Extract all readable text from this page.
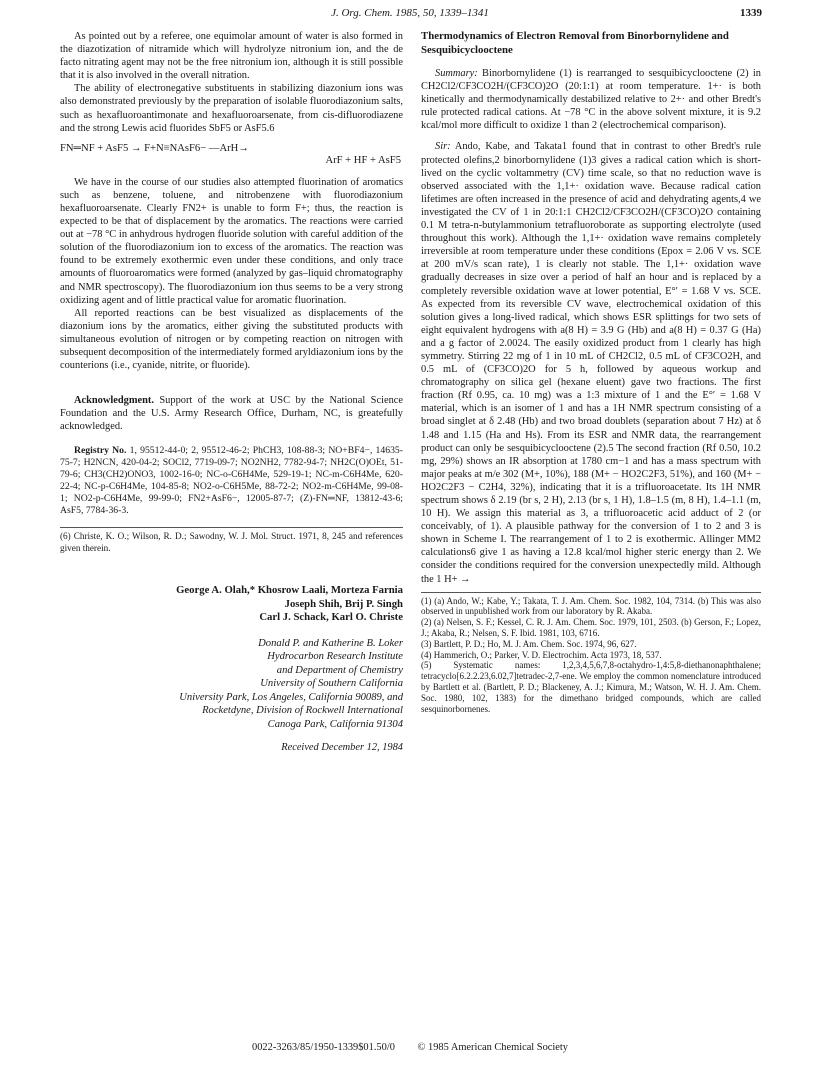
J. Org. Chem. 1985, 50, 1339–1341	1339

As pointed out by a referee, one equimolar amount of water is also formed in the diazotization of nitramide which will hydrolyze nitronium ion, and the de facto nitrating agent may not be the free nitronium ion, although it is still possible that it is also involved in the overall nitration.

The ability of electronegative substituents in stabilizing diazonium ions was also demonstrated previously by the preparation of isolable fluorodiazonium salts, such as hexafluoroantimonate and hexafluoroarsenate, from cis-difluorodiazene and the strong Lewis acid fluorides SbF5 or AsF5.6

FN═NF + AsF5 → F+N≡NAsF6− —ArH→
ArF + HF + AsF5

We have in the course of our studies also attempted fluorination of aromatics such as benzene, toluene, and nitrobenzene with fluorodiazonium hexafluoroarsenate. Clearly FN2+ is unable to form F+; thus, the reaction is expected to be that of displacement by the aromatics. The reactions were carried out at −78 °C in anhydrous hydrogen fluoride solution with careful addition of the solution of the fluorodiazonium ion to excess of the aromatics. The reaction was found to be extremely exothermic even under these conditions, and only trace amounts of fluoroaromatics were formed (analyzed by gas–liquid chromatography and NMR spectroscopy). The fluorodiazonium ion thus seems to be a very strong oxidizing agent and of little practical value for aromatic fluorination.

All reported reactions can be best visualized as displacements of the diazonium ions by the aromatics, either giving the substituted products with simultaneous evolution of nitrogen or by competing reaction on nitrogen with subsequent decomposition of the intermediately formed aryldiazonium ions by the counterions (i.e., cyanide, nitrite, or fluoride).

Acknowledgment. Support of the work at USC by the National Science Foundation and the U.S. Army Research Office, Durham, NC, is greatefully acknowledged.

Registry No. 1, 95512-44-0; 2, 95512-46-2; PhCH3, 108-88-3; NO+BF4−, 14635-75-7; H2NCN, 420-04-2; SOCl2, 7719-09-7; NO2NH2, 7782-94-7; NH2C(O)OEt, 51-79-6; CH3(CH2)ONO3, 1002-16-0; NC-o-C6H4Me, 529-19-1; NC-m-C6H4Me, 620-22-4; NC-p-C6H4Me, 104-85-8; NO2-o-C6H5Me, 88-72-2; NO2-m-C6H4Me, 99-08-1; NO2-p-C6H4Me, 99-99-0; FN2+AsF6−, 12005-87-7; (Z)-FN═NF, 13812-43-6; AsF5, 7784-36-3.

(6) Christe, K. O.; Wilson, R. D.; Sawodny, W. J. Mol. Struct. 1971, 8, 245 and references given therein.
George A. Olah,* Khosrow Laali, Morteza Farnia
Joseph Shih, Brij P. Singh
Carl J. Schack, Karl O. Christe
Donald P. and Katherine B. Loker
Hydrocarbon Research Institute
and Department of Chemistry
University of Southern California
University Park, Los Angeles, California 90089, and
Rocketdyne, Division of Rockwell International
Canoga Park, California 91304
Received December 12, 1984
Thermodynamics of Electron Removal from Binorbornylidene and Sesquibicyclooctene

Summary: Binorbornylidene (1) is rearranged to sesquibicyclooctene (2) in CH2Cl2/CF3CO2H/(CF3CO)2O (20:1:1) at room temperature. 1+· is both kinetically and thermodynamically destabilized relative to 2+· and other Bredt's rule protected radical cations. At −78 °C in the above solvent mixture, it is 9.2 kcal/mol more difficult to oxidize 1 than 2 (electrochemical comparison).

Sir: Ando, Kabe, and Takata1 found that in contrast to other Bredt's rule protected olefins,2 binorbornylidene (1)3 gives a radical cation which is short-lived on the cyclic voltammetry (CV) time scale, so that no reduction wave is observed associated with the 1,1+· oxidation wave. Because radical cation lifetimes are often increased in the presence of acid and dehydrating agents,4 we investigated the CV of 1 in 20:1:1 CH2Cl2/CF3CO2H/(CF3CO)2O containing 0.1 M tetra-n-butylammonium tetrafluoroborate as supporting electrolyte (used throughout this work). Although the 1,1+· oxidation wave remains completely irreversible at room temperature under these conditions (Epox = 2.06 V vs. SCE at 200 mV/s scan rate), 1 is clearly not stable. The 1,1+· oxidation wave gradually decreases in size over a period of half an hour and is replaced by a completely reversible oxidation wave at lower potential, E°′ = 1.68 V vs. SCE. As expected from its reversible CV wave, electrochemical oxidation of this solution gives a long-lived radical, which shows ESR splittings for two sets of eight equivalent hydrogens with a(8 H) = 3.9 G (Hb) and a(8 H) = 0.37 G (Ha) and a g factor of 2.0024. The easily oxidized product from 1 clearly has high symmetry. Stirring 22 mg of 1 in 10 mL of CH2Cl2, 0.5 mL of CF3CO2H, and 0.5 mL of (CF3CO)2O for 5 h, followed by aqueous workup and chromatography on silica gel (hexane eluent) gave two fractions. The first fraction (Rf 0.95, ca. 10 mg) was a 1:3 mixture of 1 and the E°′ = 1.68 V material, which is an isomer of 1 and has a 1H NMR spectrum consisting of a broad singlet at δ 2.48 (Hb) and two broad doublets (separation about 7 Hz) at δ 1.48 and 1.15 (Ha and Hs). From its ESR and NMR data, the rearrangement product can only be sesquibicyclooctene (2).5 The second fraction (Rf 0.50, 10.2 mg, 29%) shows an IR absorption at 1780 cm−1 and has a mass spectrum with major peaks at m/e 302 (M+, 10%), 188 (M+ − HO2C2F3, 51%), and 160 (M+ − HO2C2F3 − C2H4, 32%), indicating that it is a trifluoroacetate. Its 1H NMR spectrum shows δ 2.19 (br s, 2 H), 2.13 (br s, 1 H), 1.8–1.5 (m, 8 H), 1.4–1.1 (m, 10 H). We assign this material as 3, a trifluoroacetic acid adduct of 2 (or conceivably, of 1). A plausible pathway for the conversion of 1 to 2 and 3 is shown in Scheme I. The rearrangement of 1 to 2 is exothermic. Allinger MM2 calculations6 give 1 as having a 12.8 kcal/mol higher steric energy than 2. We consider the conditions required for the conversion unexpectedly mild. Although the 1 H+ →

(1) (a) Ando, W.; Kabe, Y.; Takata, T. J. Am. Chem. Soc. 1982, 104, 7314. (b) This was also observed in unpublished work from our laboratory by R. Akaba.

(2) (a) Nelsen, S. F.; Kessel, C. R. J. Am. Chem. Soc. 1979, 101, 2503. (b) Gerson, F.; Lopez, J.; Akaba, R.; Nelsen, S. F. Ibid. 1981, 103, 6716.

(3) Bartlett, P. D.; Ho, M. J. Am. Chem. Soc. 1974, 96, 627.

(4) Hammerich, O.; Parker, V. D. Electrochim. Acta 1973, 18, 537.

(5) Systematic names: 1,2,3,4,5,6,7,8-octahydro-1,4:5,8-diethanonaphthalene; tetracyclo[6.2.2.23,6.02,7]tetradec-2,7-ene. We employ the common nomenclature introduced by Bartlett et al. (Bartlett, P. D.; Blackeney, A. J.; Kimura, M.; Watson, W. H. J. Am. Chem. Soc. 1980, 102, 1383) for the dimethano bridged compounds, which are called sesquinorbornenes.

0022-3263/85/1950-1339$01.50/0 © 1985 American Chemical Society
